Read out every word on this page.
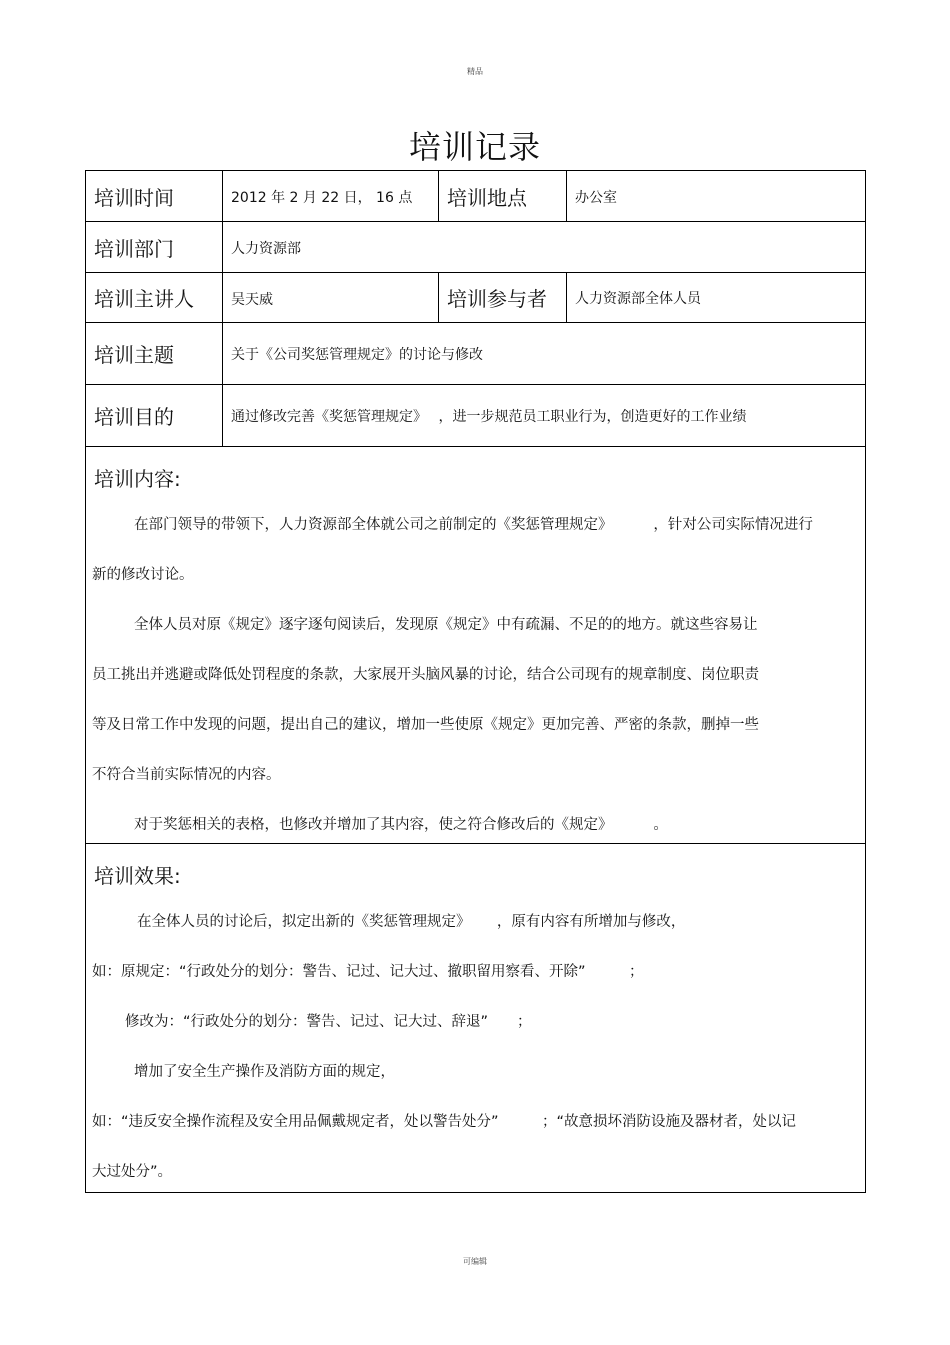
精品
培训记录
培训时间	2012 年 2 月 22 日， 16 点	培训地点	办公室
培训部门	人力资源部
培训主讲人	吴天威	培训参与者	人力资源部全体人员
培训主题	关于《公司奖惩管理规定》的讨论与修改
培训目的	通过修改完善《奖惩管理规定》　 ，进一步规范员工职业行为，创造更好的工作业绩
培训内容:
在部门领导的带领下，人力资源部全体就公司之前制定的《奖惩管理规定》　　　 ，针对公司实际情况进行
新的修改讨论。
全体人员对原《规定》逐字逐句阅读后，发现原《规定》中有疏漏、不足的的地方。就这些容易让
员工挑出并逃避或降低处罚程度的条款，大家展开头脑风暴的讨论，结合公司现有的规章制度、岗位职责
等及日常工作中发现的问题，提出自己的建议，增加一些使原《规定》更加完善、严密的条款，删掉一些
不符合当前实际情况的内容。
对于奖惩相关的表格，也修改并增加了其内容，使之符合修改后的《规定》　　　 。
培训效果:
在全体人员的讨论后，拟定出新的《奖惩管理规定》　　 ，原有内容有所增加与修改，
如：原规定：“行政处分的划分：警告、记过、记大过、撤职留用察看、开除”　　　；
修改为：“行政处分的划分：警告、记过、记大过、辞退”　　；
增加了安全生产操作及消防方面的规定，
如：“违反安全操作流程及安全用品佩戴规定者，处以警告处分”　　　；“故意损坏消防设施及器材者，处以记
大过处分”。
可编辑
